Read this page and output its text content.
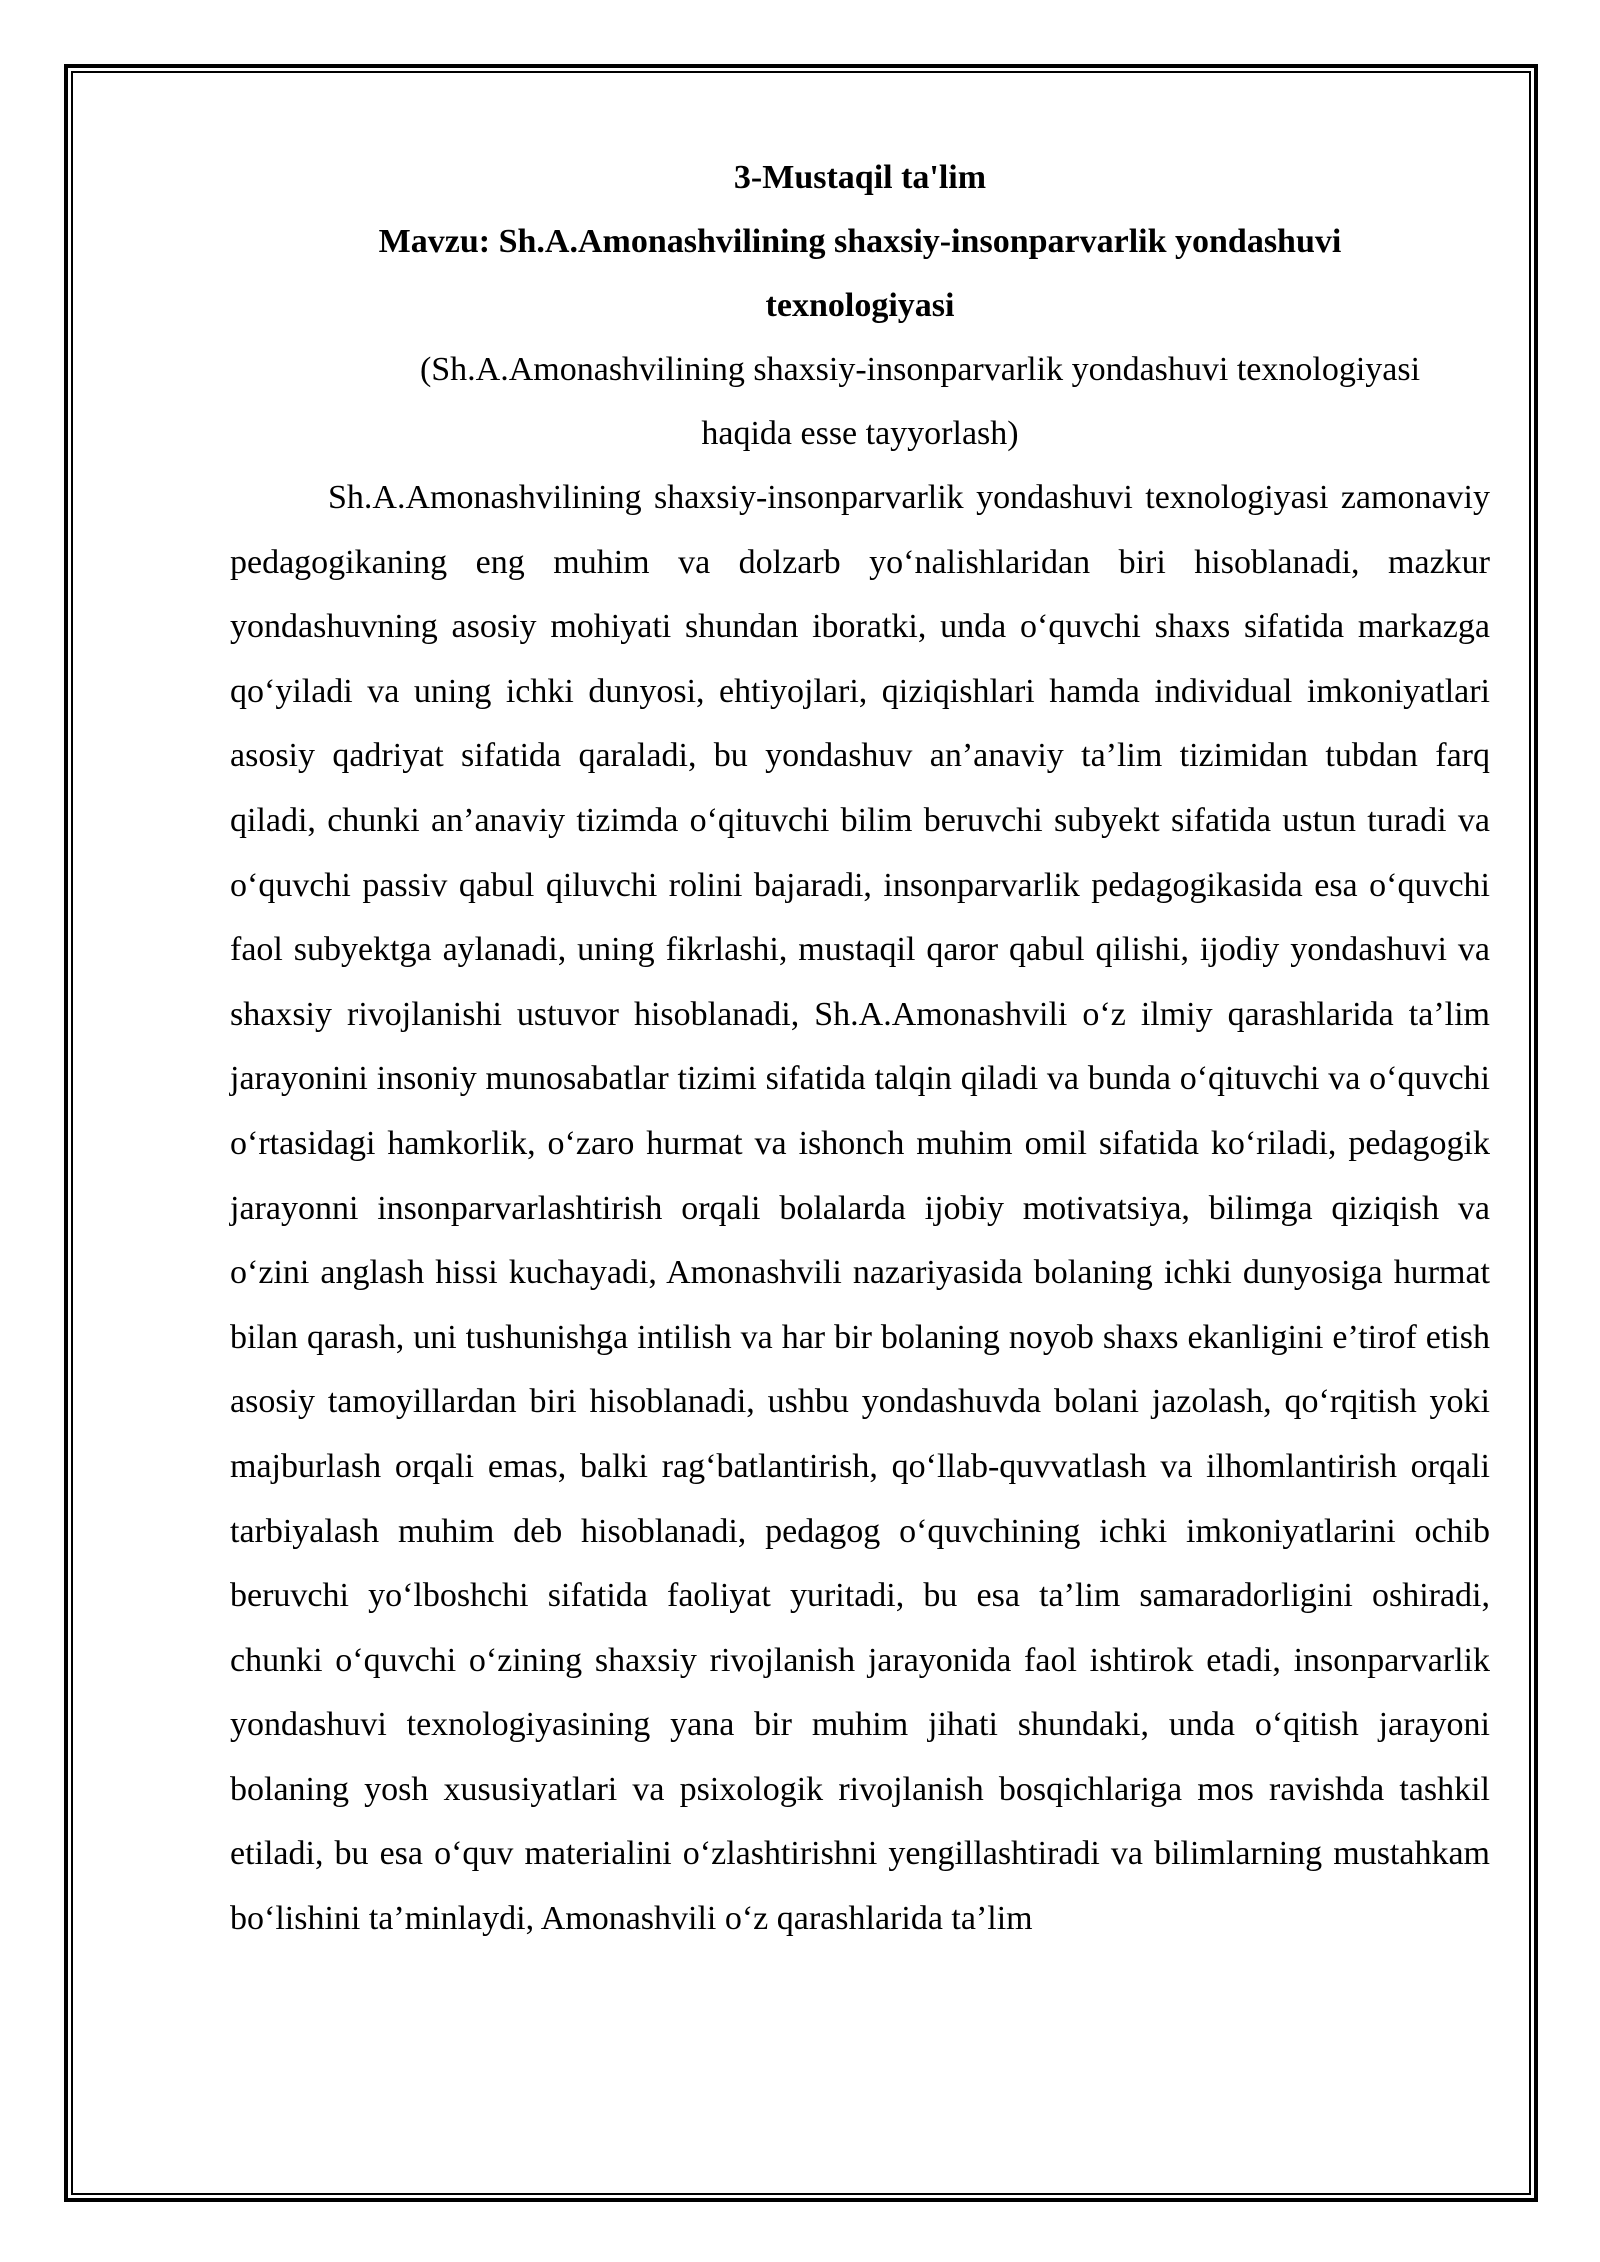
3-Mustaqil ta'lim

Mavzu: Sh.A.Amonashvilining shaxsiy-insonparvarlik yondashuvi

texnologiyasi

(Sh.A.Amonashvilining shaxsiy-insonparvarlik yondashuvi texnologiyasi
haqida esse tayyorlash)

Sh.A.Amonashvilining shaxsiy-insonparvarlik yondashuvi texnologiyasi zamonaviy pedagogikaning eng muhim va dolzarb yo‘nalishlaridan biri hisoblanadi, mazkur yondashuvning asosiy mohiyati shundan iboratki, unda o‘quvchi shaxs sifatida markazga qo‘yiladi va uning ichki dunyosi, ehtiyojlari, qiziqishlari hamda individual imkoniyatlari asosiy qadriyat sifatida qaraladi, bu yondashuv an’anaviy ta’lim tizimidan tubdan farq qiladi, chunki an’anaviy tizimda o‘qituvchi bilim beruvchi subyekt sifatida ustun turadi va o‘quvchi passiv qabul qiluvchi rolini bajaradi, insonparvarlik pedagogikasida esa o‘quvchi faol subyektga aylanadi, uning fikrlashi, mustaqil qaror qabul qilishi, ijodiy yondashuvi va shaxsiy rivojlanishi ustuvor hisoblanadi, Sh.A.Amonashvili o‘z ilmiy qarashlarida ta’lim jarayonini insoniy munosabatlar tizimi sifatida talqin qiladi va bunda o‘qituvchi va o‘quvchi o‘rtasidagi hamkorlik, o‘zaro hurmat va ishonch muhim omil sifatida ko‘riladi, pedagogik jarayonni insonparvarlashtirish orqali bolalarda ijobiy motivatsiya, bilimga qiziqish va o‘zini anglash hissi kuchayadi, Amonashvili nazariyasida bolaning ichki dunyosiga hurmat bilan qarash, uni tushunishga intilish va har bir bolaning noyob shaxs ekanligini e’tirof etish asosiy tamoyillardan biri hisoblanadi, ushbu yondashuvda bolani jazolash, qo‘rqitish yoki majburlash orqali emas, balki rag‘batlantirish, qo‘llab-quvvatlash va ilhomlantirish orqali tarbiyalash muhim deb hisoblanadi, pedagog o‘quvchining ichki imkoniyatlarini ochib beruvchi yo‘lboshchi sifatida faoliyat yuritadi, bu esa ta’lim samaradorligini oshiradi, chunki o‘quvchi o‘zining shaxsiy rivojlanish jarayonida faol ishtirok etadi, insonparvarlik yondashuvi texnologiyasining yana bir muhim jihati shundaki, unda o‘qitish jarayoni bolaning yosh xususiyatlari va psixologik rivojlanish bosqichlariga mos ravishda tashkil etiladi, bu esa o‘quv materialini o‘zlashtirishni yengillashtiradi va bilimlarning mustahkam bo‘lishini ta’minlaydi, Amonashvili o‘z qarashlarida ta’lim
